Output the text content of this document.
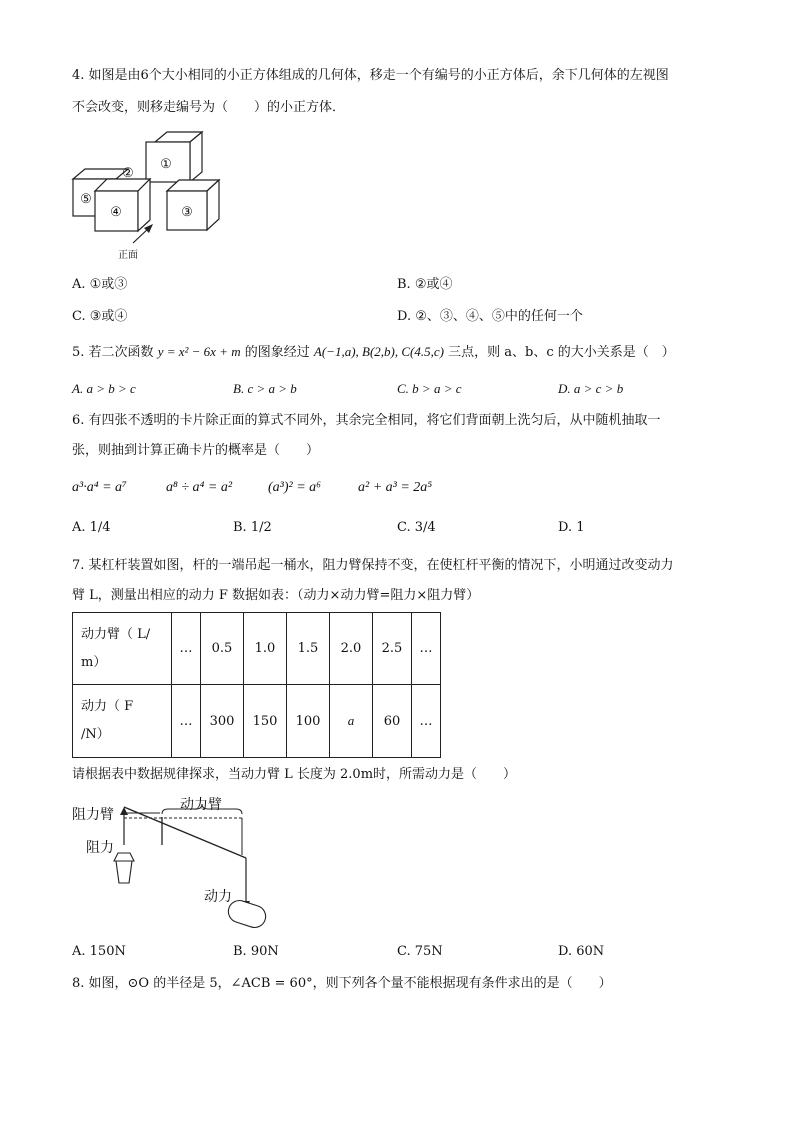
4. 如图是由6个大小相同的小正方体组成的几何体，移走一个有编号的小正方体后，余下几何体的左视图
不会改变，则移走编号为（　　）的小正方体．
①
②
③
④
⑤
正面
A. ①或③	B. ②或④
C. ③或④	D. ②、③、④、⑤中的任何一个
5. 若二次函数 y = x² − 6x + m 的图象经过 A(−1,a), B(2,b), C(4.5,c) 三点，则 a、b、c 的大小关系是（　）
A. a > b > c	B. c > a > b	C. b > a > c	D. a > c > b
6. 有四张不透明的卡片除正面的算式不同外，其余完全相同，将它们背面朝上洗匀后，从中随机抽取一
张，则抽到计算正确卡片的概率是（　　）
a³·a⁴ = a⁷	a⁸ ÷ a⁴ = a²	(a³)² = a⁶	a² + a³ = 2a⁵
A. 1/4	B. 1/2	C. 3/4	D. 1
7. 某杠杆装置如图，杆的一端吊起一桶水，阻力臂保持不变，在使杠杆平衡的情况下，小明通过改变动力
臂 L，测量出相应的动力 F 数据如表：（动力×动力臂=阻力×阻力臂）
动力臂（ L/
m）	…	0.5	1.0	1.5	2.0	2.5	…

动力（ F
/N）	…	300	150	100	a	60	…
请根据表中数据规律探求，当动力臂 L 长度为 2.0m时，所需动力是（　　）
阻力臂
动力臂
阻力
动力
A. 150N	B. 90N	C. 75N	D. 60N
8. 如图，⊙O 的半径是 5，∠ACB = 60°，则下列各个量不能根据现有条件求出的是（　　）
